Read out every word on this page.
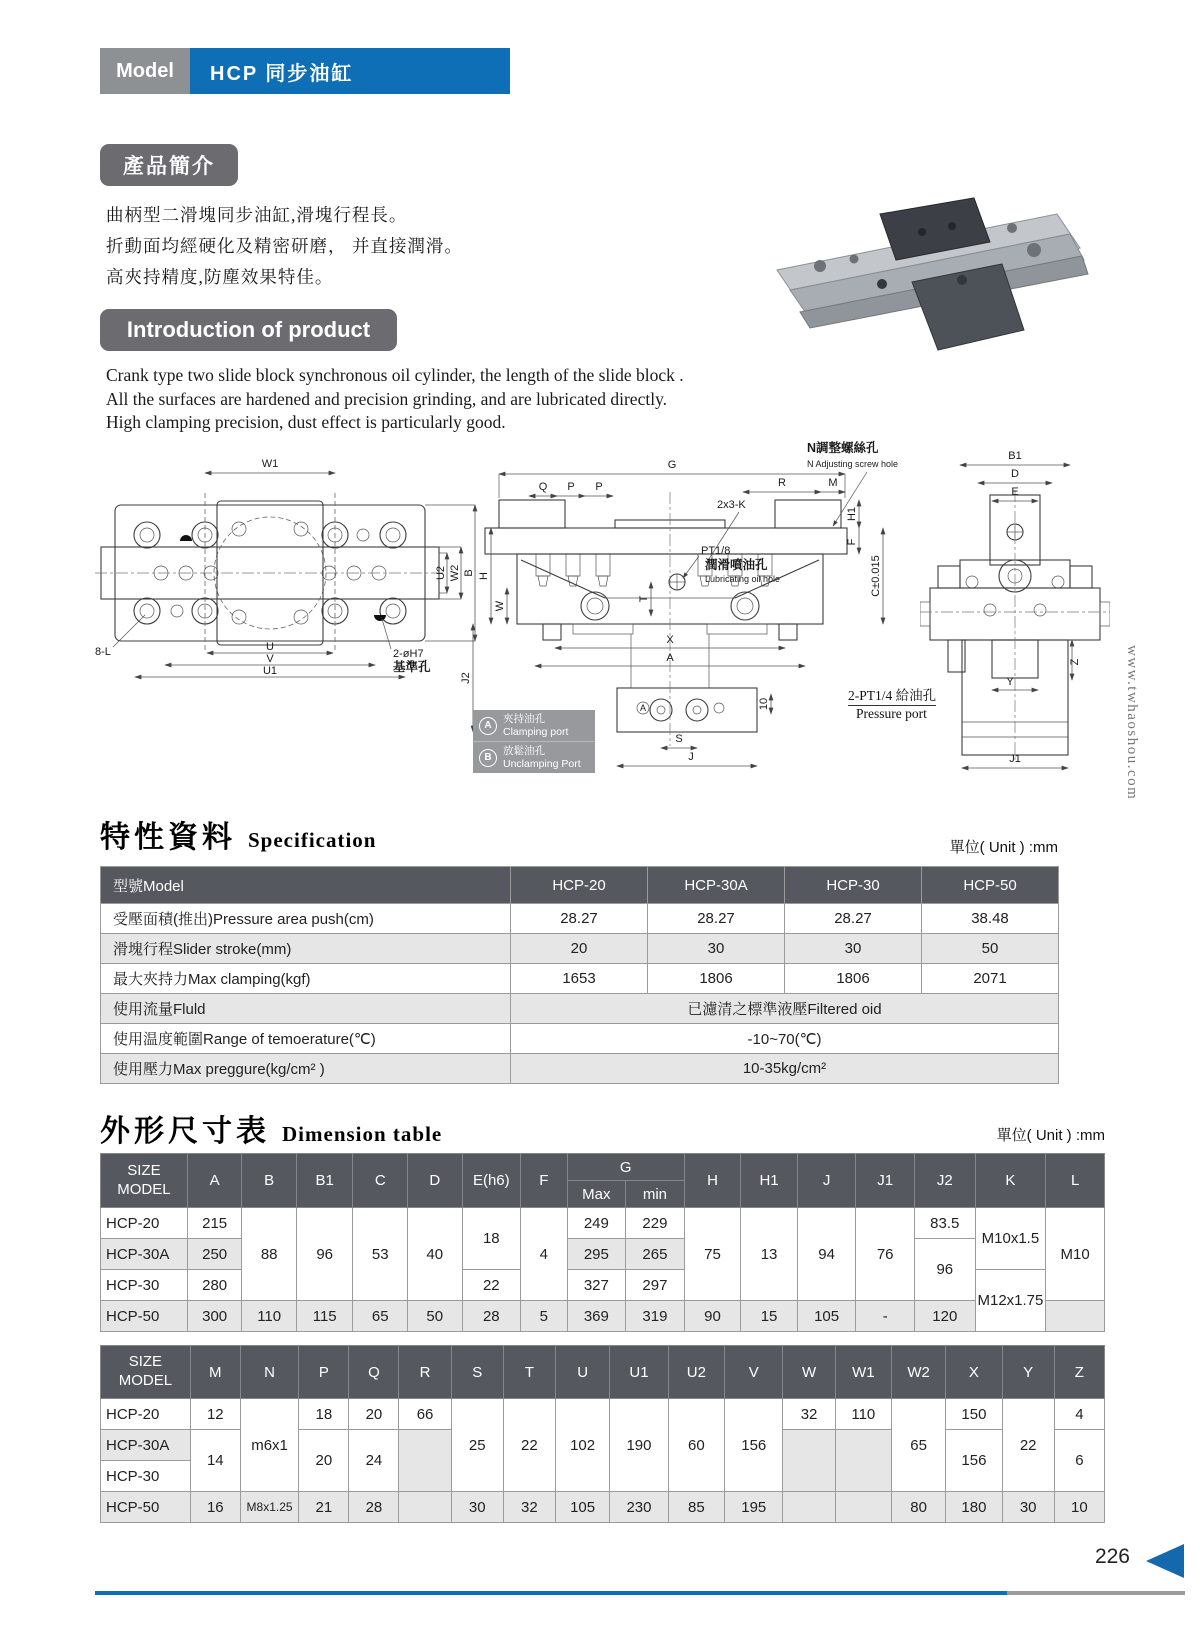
Model	HCP 同步油缸
產品簡介
曲柄型二滑塊同步油缸,滑塊行程長。
折動面均經硬化及精密研磨， 并直接潤滑。
高夾持精度,防塵效果特佳。
Introduction of product
Crank type two slide block synchronous oil cylinder, the length of the slide block .
All the surfaces are hardened and precision grinding, and are lubricated directly.
High clamping precision, dust effect is particularly good.
W1
U2 W2 B
U
V
U1
8-L	2-øH7
基準孔
A
G
Q P P	R	M
2x3-K
N調整螺絲孔
N Adjusting screw hole
H
W
J2
T
X
A
S
J
10
H1
F
C±0.015
PT1/8
潤滑噴油孔
Lubricating oil hole
B1
D
E
Y
Z
J1
2-PT1/4 給油孔
Pressure port
A
夾持油孔
Clamping port
B
放鬆油孔
Unclamping Port	www.twhaoshou.com
特性資料 Specification	單位( Unit ) :mm
型號Model	HCP-20	HCP-30A	HCP-30	HCP-50
受壓面積(推出)Pressure area push(cm)	28.27	28.27	28.27	38.48
滑塊行程Slider stroke(mm)	20	30	30	50
最大夾持力Max clamping(kgf)	1653	1806	1806	2071
使用流量Fluld	已濾清之標準液壓Filtered oid			
使用温度範圍Range of temoerature(℃)	-10~70(℃)			
使用壓力Max preggure(kg/cm² )	10-35kg/cm²			
外形尺寸表 Dimension table	單位( Unit ) :mm
SIZE
MODEL	A	B	B1	C	D	E(h6)	F	G		H	H1	J	J1	J2	K	L
								Max	min							
HCP-20	215	88	96	53	40	18	4	249	229	75	13	94	76	83.5	M10x1.5	M10
HCP-30A	250							295	265					96		
HCP-30	280					22		327	297						M12x1.75	
HCP-50	300	110	115	65	50	28	5	369	319	90	15	105	-	120		
SIZE
MODEL	M	N	P	Q	R	S	T	U	U1	U2	V	W	W1	W2	X	Y	Z
HCP-20	12	m6x1	18	20	66	25	22	102	190	60	156	32	110	65	150	22	4
HCP-30A	14		20	24											156		6
HCP-30																	
HCP-50	16	M8x1.25	21	28		30	32	105	230	85	195			80	180	30	10
226
